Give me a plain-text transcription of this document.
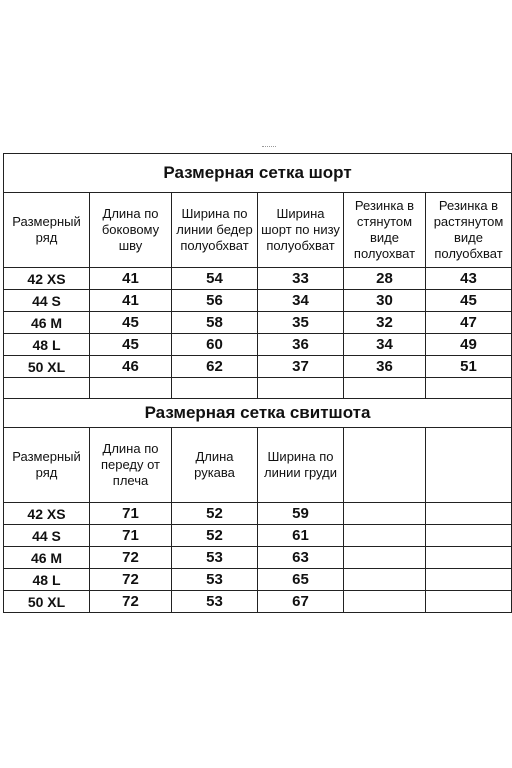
Размерная сетка шорт					
Размерный ряд	Длина по боковому шву	Ширина по линии бедер полуобхват	Ширина шорт по низу полуобхват	Резинка в стянутом виде полуохват	Резинка в растянутом виде полуобхват
42 XS	41	54	33	28	43
44 S	41	56	34	30	45
46 M	45	58	35	32	47
48 L	45	60	36	34	49
50 XL	46	62	37	36	51

Размерная сетка свитшота					
Размерный ряд	Длина по переду от плеча	Длина рукава	Ширина по линии груди		
42 XS	71	52	59		
44 S	71	52	61		
46 M	72	53	63		
48 L	72	53	65		
50 XL	72	53	67		
